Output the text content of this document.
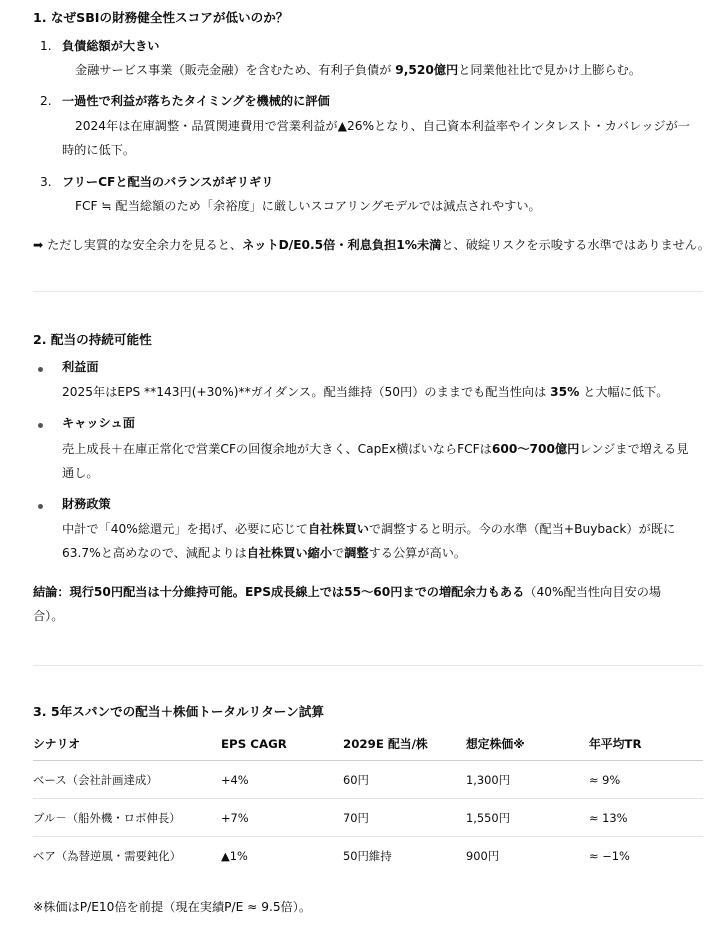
1. なぜSBIの財務健全性スコアが低いのか？
1. 負債総額が大きい
金融サービス事業（販売金融）を含むため、有利子負債が 9,520億円と同業他社比で見かけ上膨らむ。
2. 一過性で利益が落ちたタイミングを機械的に評価
2024年は在庫調整・品質関連費用で営業利益が▲26%となり、自己資本利益率やインタレスト・カバレッジが一
時的に低下。
3. フリーCFと配当のバランスがギリギリ
FCF ≒ 配当総額のため「余裕度」に厳しいスコアリングモデルでは減点されやすい。
➡ ただし実質的な安全余力を見ると、ネットD/E0.5倍・利息負担1%未満と、破綻リスクを示唆する水準ではありません。
2. 配当の持続可能性
利益面
2025年はEPS **143円(+30%)**ガイダンス。配当維持（50円）のままでも配当性向は 35% と大幅に低下。
キャッシュ面
売上成長＋在庫正常化で営業CFの回復余地が大きく、CapEx横ばいならFCFは600〜700億円レンジまで増える見
通し。
財務政策
中計で「40%総還元」を掲げ、必要に応じて自社株買いで調整すると明示。今の水準（配当+Buyback）が既に
63.7%と高めなので、減配よりは自社株買い縮小で調整する公算が高い。
結論：現行50円配当は十分維持可能。EPS成長線上では55〜60円までの増配余力もある（40%配当性向目安の場
合）。
3. 5年スパンでの配当＋株価トータルリターン試算
シナリオ	EPS CAGR	2029E 配当/株	想定株価※	年平均TR
ベース（会社計画達成）	+4%	60円	1,300円	≈ 9%
ブル－（船外機・ロボ伸長）	+7%	70円	1,550円	≈ 13%
ベア（為替逆風・需要鈍化）	▲1%	50円維持	900円	≈ −1%
※株価はP/E10倍を前提（現在実績P/E ≈ 9.5倍）。
